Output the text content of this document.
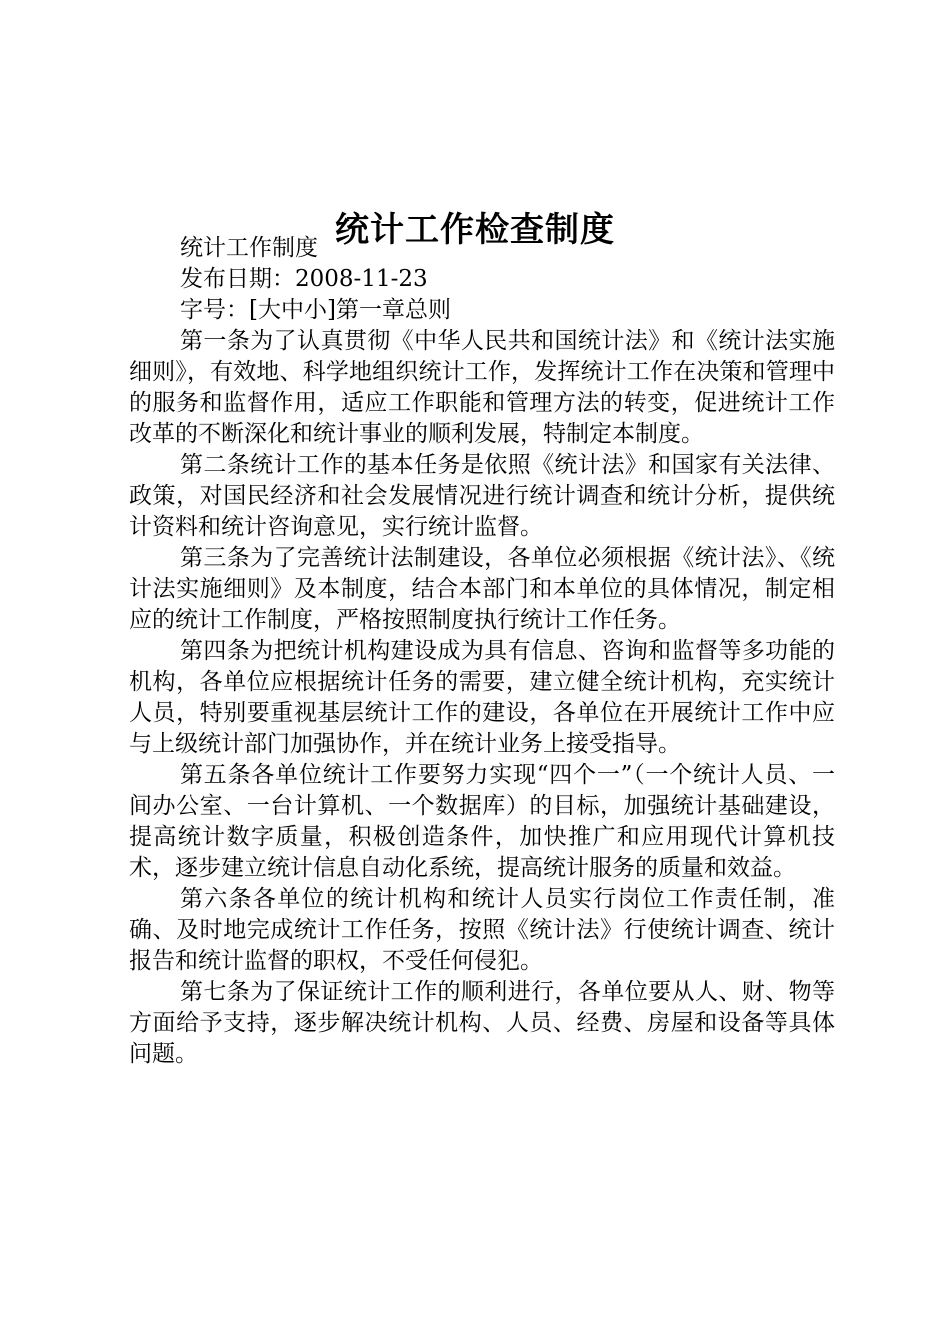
统计工作检查制度

统计工作制度

发布日期：2008-11-23

字号：[大中小]第一章总则

第一条为了认真贯彻《中华人民共和国统计法》和《统计法实施细则》，有效地、科学地组织统计工作，发挥统计工作在决策和管理中的服务和监督作用，适应工作职能和管理方法的转变，促进统计工作改革的不断深化和统计事业的顺利发展，特制定本制度。

第二条统计工作的基本任务是依照《统计法》和国家有关法律、政策，对国民经济和社会发展情况进行统计调查和统计分析，提供统计资料和统计咨询意见，实行统计监督。

第三条为了完善统计法制建设，各单位必须根据《统计法》、《统计法实施细则》及本制度，结合本部门和本单位的具体情况，制定相应的统计工作制度，严格按照制度执行统计工作任务。

第四条为把统计机构建设成为具有信息、咨询和监督等多功能的机构，各单位应根据统计任务的需要，建立健全统计机构，充实统计人员，特别要重视基层统计工作的建设，各单位在开展统计工作中应与上级统计部门加强协作，并在统计业务上接受指导。

第五条各单位统计工作要努力实现“四个一”（一个统计人员、一间办公室、一台计算机、一个数据库）的目标，加强统计基础建设，提高统计数字质量，积极创造条件，加快推广和应用现代计算机技术，逐步建立统计信息自动化系统，提高统计服务的质量和效益。

第六条各单位的统计机构和统计人员实行岗位工作责任制，准确、及时地完成统计工作任务，按照《统计法》行使统计调查、统计报告和统计监督的职权，不受任何侵犯。

第七条为了保证统计工作的顺利进行，各单位要从人、财、物等方面给予支持，逐步解决统计机构、人员、经费、房屋和设备等具体问题。
